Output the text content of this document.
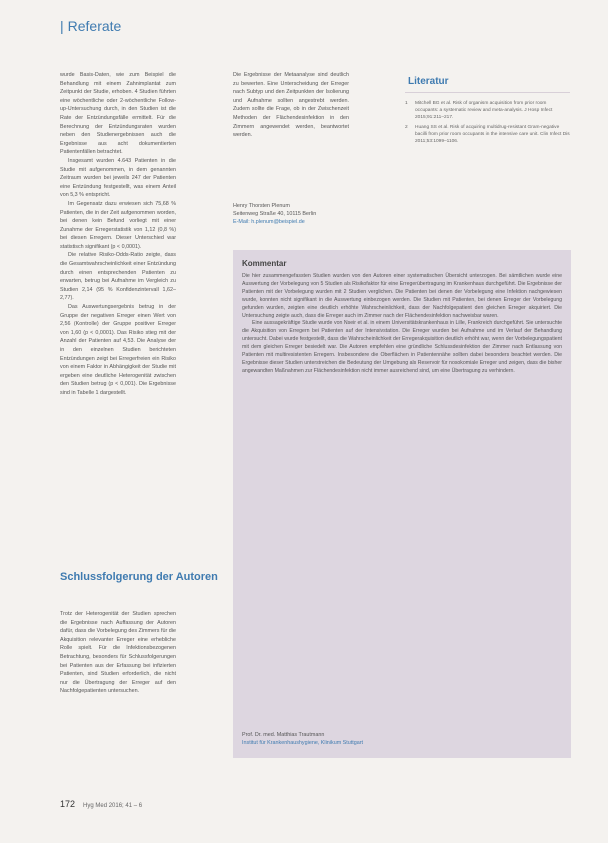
| Referate

wurde Basis-Daten, wie zum Beispiel die Behandlung mit einem Zahnimplantat zum Zeitpunkt der Studie, erhoben. 4 Studien führten eine wöchentliche oder 2-wöchentliche Follow-up-Untersuchung durch, in den Studien ist die Rate der Entzündungsfälle ermittelt. Für die Berechnung der Entzündungsraten wurden neben den Studienergebnissen auch die Ergebnisse aus acht dokumentierten Patientenfällen betrachtet.

Insgesamt wurden 4.643 Patienten in die Studie mit aufgenommen, in dem genannten Zeitraum wurden bei jeweils 247 der Patienten eine Entzündung festgestellt, was einem Anteil von 5,3 % entspricht.

Im Gegensatz dazu erwiesen sich 75,68 % Patienten, die in der Zeit aufgenommen worden, bei denen kein Befund vorliegt mit einer Zunahme der Erregerstatistik von 1,12 (0,8 %) bei diesen Erregern. Dieser Unterschied war statistisch signifikant (p < 0,0001).

Die relative Risiko-Odds-Ratio zeigte, dass die Gesamtwahrscheinlichkeit einer Entzündung durch einen entsprechenden Patienten zu erwarten, betrug bei Aufnahme im Vergleich zu Studien 2,14 (95 % Konfidenzintervall 1,62–2,77).

Das Auswertungsergebnis betrug in der Gruppe der negativen Erreger einen Wert von 2,56 (Kontrolle) der Gruppe positiver Erreger von 1,60 (p < 0,0001). Das Risiko stieg mit der Anzahl der Patienten auf 4,53. Die Analyse der in den einzelnen Studien berichteten Entzündungen zeigt bei Erregerfreien ein Risiko von einem Faktor in Abhängigkeit der Studie mit ergeben eine deutliche Heterogenität zwischen den Studien betrug (p < 0,001). Die Ergebnisse sind in Tabelle 1 dargestellt.

Schlussfolgerung der Autoren

Trotz der Heterogenität der Studien sprechen die Ergebnisse nach Auffassung der Autoren dafür, dass die Vorbelegung des Zimmers für die Akquisition relevanter Erreger eine erhebliche Rolle spielt. Für die Infektionsbezogenen Betrachtung, besonders für Schlussfolgerungen bei Patienten aus der Erfassung bei infizierten Patienten, sind Studien erforderlich, die nicht nur die Übertragung der Erreger auf den Nachfolgepatienten untersuchen.

Die Ergebnisse der Metaanalyse sind deutlich zu bewerten. Eine Unterscheidung der Erreger nach Subtyp und den Zeitpunkten der Isolierung und Aufnahme sollten angestrebt werden. Zudem sollte die Frage, ob in der Zwischenzeit Methoden der Flächendesinfektion in den Zimmern angewendet werden, beantwortet werden.

Henry Thorsten Plenum
Seitenweg Straße 40, 10115 Berlin
E-Mail: h.plenum@beispiel.de
Literatur
1	Mitchell BG et al. Risk of organism acquisition from prior room occupants: a systematic review and meta-analysis. J Hosp Infect 2015;91:211–217.
2	Huang SS et al. Risk of acquiring multidrug-resistant Gram-negative bacilli from prior room occupants in the intensive care unit. Clin Infect Dis 2011;53:1099–1106.
Kommentar

Die hier zusammengefassten Studien wurden von den Autoren einer systematischen Übersicht unterzogen. Bei sämtlichen wurde eine Auswertung der Vorbelegung von 5 Studien als Risikofaktor für eine Erregerübertragung im Krankenhaus durchgeführt. Die Ergebnisse der Patienten mit der Vorbelegung wurden mit 2 Studien verglichen. Die Patienten bei denen der Vorbelegung eine Infektion nachgewiesen wurde, konnten nicht signifikant in die Auswertung einbezogen werden. Die Studien mit Patienten, bei denen Erreger der Vorbelegung gefunden wurden, zeigten eine deutlich erhöhte Wahrscheinlichkeit, dass der Nachfolgepatient den gleichen Erreger akquiriert. Die Untersuchung zeigte auch, dass die Erreger auch im Zimmer nach der Flächendesinfektion nachweisbar waren.

Eine aussagekräftige Studie wurde von Nseir et al. in einem Universitätskrankenhaus in Lille, Frankreich durchgeführt. Sie untersuchte die Akquisition von Erregern bei Patienten auf der Intensivstation. Die Erreger wurden bei Aufnahme und im Verlauf der Behandlung untersucht. Dabei wurde festgestellt, dass die Wahrscheinlichkeit der Erregerakquisition deutlich erhöht war, wenn der Vorbelegungspatient mit dem gleichen Erreger besiedelt war. Die Autoren empfehlen eine gründliche Schlussdesinfektion der Zimmer nach Entlassung von Patienten mit multiresistenten Erregern. Insbesondere die Oberflächen in Patientennähe sollten dabei besonders beachtet werden. Die Ergebnisse dieser Studien unterstreichen die Bedeutung der Umgebung als Reservoir für nosokomiale Erreger und zeigen, dass die bisher angewandten Maßnahmen zur Flächendesinfektion nicht immer ausreichend sind, um eine Übertragung zu verhindern.

Prof. Dr. med. Matthias Trautmann
Institut für Krankenhaushygiene, Klinikum Stuttgart
172 Hyg Med 2016; 41 – 6
